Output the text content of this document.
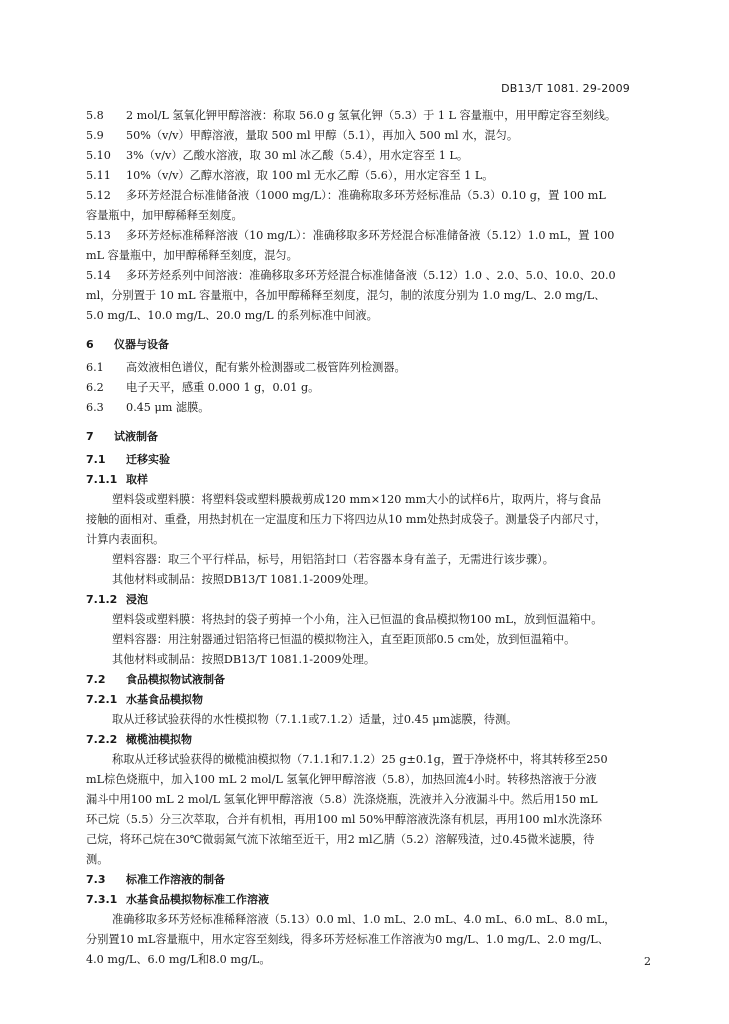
DB13/T 1081. 29-2009
5.8 2 mol/L 氢氧化钾甲醇溶液：称取 56.0 g 氢氧化钾（5.3）于 1 L 容量瓶中，用甲醇定容至刻线。
5.9 50%（v/v）甲醇溶液，量取 500 ml 甲醇（5.1），再加入 500 ml 水，混匀。
5.10 3%（v/v）乙酸水溶液，取 30 ml 冰乙酸（5.4），用水定容至 1 L。
5.11 10%（v/v）乙醇水溶液，取 100 ml 无水乙醇（5.6），用水定容至 1 L。
5.12 多环芳烃混合标准储备液（1000 mg/L）：准确称取多环芳烃标准品（5.3）0.10 g，置 100 mL
容量瓶中，加甲醇稀释至刻度。
5.13 多环芳烃标准稀释溶液（10 mg/L）：准确移取多环芳烃混合标准储备液（5.12）1.0 mL，置 100
mL 容量瓶中，加甲醇稀释至刻度，混匀。
5.14 多环芳烃系列中间溶液：准确移取多环芳烃混合标准储备液（5.12）1.0 、2.0、5.0、10.0、20.0
ml，分别置于 10 mL 容量瓶中，各加甲醇稀释至刻度，混匀，制的浓度分别为 1.0 mg/L、2.0 mg/L、
5.0 mg/L、10.0 mg/L、20.0 mg/L 的系列标准中间液。
6 仪器与设备
6.1 高效液相色谱仪，配有紫外检测器或二极管阵列检测器。
6.2 电子天平，感重 0.000 1 g，0.01 g。
6.3 0.45 μm 滤膜。
7 试液制备
7.1 迁移实验
7.1.1 取样
塑料袋或塑料膜：将塑料袋或塑料膜裁剪成120 mm×120 mm大小的试样6片，取两片，将与食品
接触的面相对、重叠，用热封机在一定温度和压力下将四边从10 mm处热封成袋子。测量袋子内部尺寸，
计算内表面积。
塑料容器：取三个平行样品，标号，用铝箔封口（若容器本身有盖子，无需进行该步骤）。
其他材料或制品：按照DB13/T 1081.1-2009处理。
7.1.2 浸泡
塑料袋或塑料膜：将热封的袋子剪掉一个小角，注入已恒温的食品模拟物100 mL，放到恒温箱中。
塑料容器：用注射器通过铝箔将已恒温的模拟物注入，直至距顶部0.5 cm处，放到恒温箱中。
其他材料或制品：按照DB13/T 1081.1-2009处理。
7.2 食品模拟物试液制备
7.2.1 水基食品模拟物
取从迁移试验获得的水性模拟物（7.1.1或7.1.2）适量，过0.45 μm滤膜，待测。
7.2.2 橄榄油模拟物
称取从迁移试验获得的橄榄油模拟物（7.1.1和7.1.2）25 g±0.1g，置于净烧杯中，将其转移至250
mL棕色烧瓶中，加入100 mL 2 mol/L 氢氧化钾甲醇溶液（5.8），加热回流4小时。转移热溶液于分液
漏斗中用100 mL 2 mol/L 氢氧化钾甲醇溶液（5.8）洗涤烧瓶，洗液并入分液漏斗中。然后用150 mL
环己烷（5.5）分三次萃取，合并有机相，再用100 ml 50%甲醇溶液洗涤有机层，再用100 ml水洗涤环
己烷，将环己烷在30℃微弱氮气流下浓缩至近干，用2 ml乙腈（5.2）溶解残渣，过0.45微米滤膜，待
测。
7.3 标准工作溶液的制备
7.3.1 水基食品模拟物标准工作溶液
准确移取多环芳烃标准稀释溶液（5.13）0.0 ml、1.0 mL、2.0 mL、4.0 mL、6.0 mL、8.0 mL，
分别置10 mL容量瓶中，用水定容至刻线，得多环芳烃标准工作溶液为0 mg/L、1.0 mg/L、2.0 mg/L、
4.0 mg/L、6.0 mg/L和8.0 mg/L。	2
